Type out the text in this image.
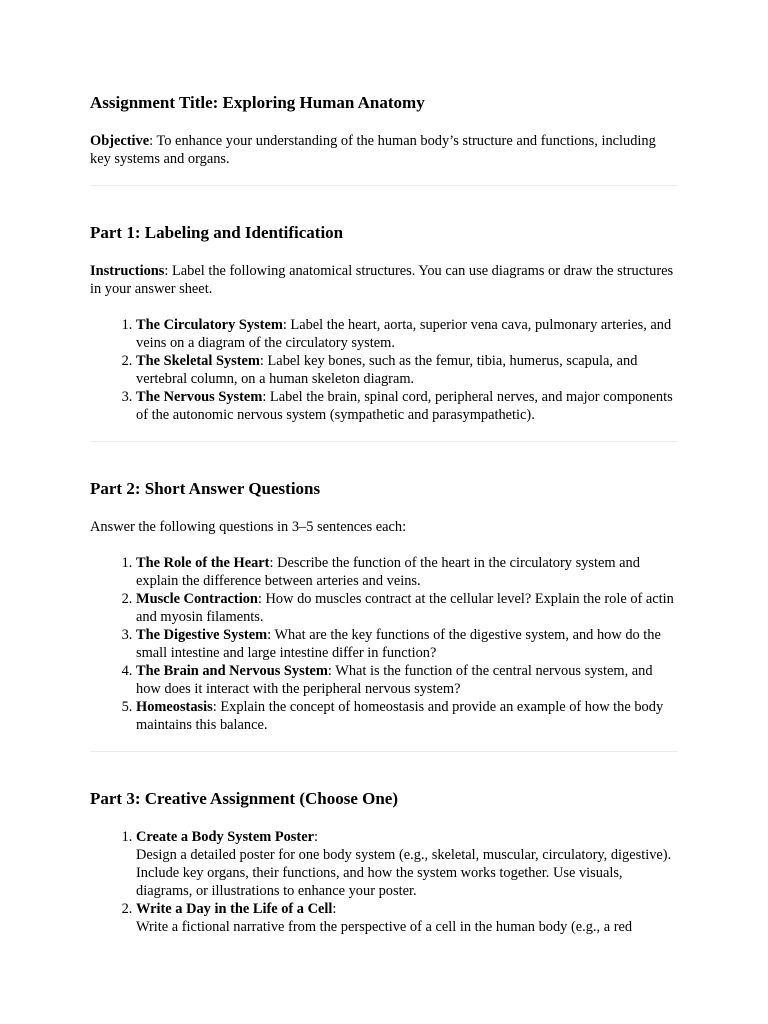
Assignment Title: Exploring Human Anatomy

Objective: To enhance your understanding of the human body’s structure and functions, including key systems and organs.

Part 1: Labeling and Identification

Instructions: Label the following anatomical structures. You can use diagrams or draw the structures in your answer sheet.

1. The Circulatory System: Label the heart, aorta, superior vena cava, pulmonary arteries, and veins on a diagram of the circulatory system.
2. The Skeletal System: Label key bones, such as the femur, tibia, humerus, scapula, and vertebral column, on a human skeleton diagram.
3. The Nervous System: Label the brain, spinal cord, peripheral nerves, and major components of the autonomic nervous system (sympathetic and parasympathetic).
Part 2: Short Answer Questions

Answer the following questions in 3–5 sentences each:

1. The Role of the Heart: Describe the function of the heart in the circulatory system and explain the difference between arteries and veins.
2. Muscle Contraction: How do muscles contract at the cellular level? Explain the role of actin and myosin filaments.
3. The Digestive System: What are the key functions of the digestive system, and how do the small intestine and large intestine differ in function?
4. The Brain and Nervous System: What is the function of the central nervous system, and how does it interact with the peripheral nervous system?
5. Homeostasis: Explain the concept of homeostasis and provide an example of how the body maintains this balance.
Part 3: Creative Assignment (Choose One)
1. Create a Body System Poster:
Design a detailed poster for one body system (e.g., skeletal, muscular, circulatory, digestive). Include key organs, their functions, and how the system works together. Use visuals, diagrams, or illustrations to enhance your poster.
2. Write a Day in the Life of a Cell:
Write a fictional narrative from the perspective of a cell in the human body (e.g., a red
